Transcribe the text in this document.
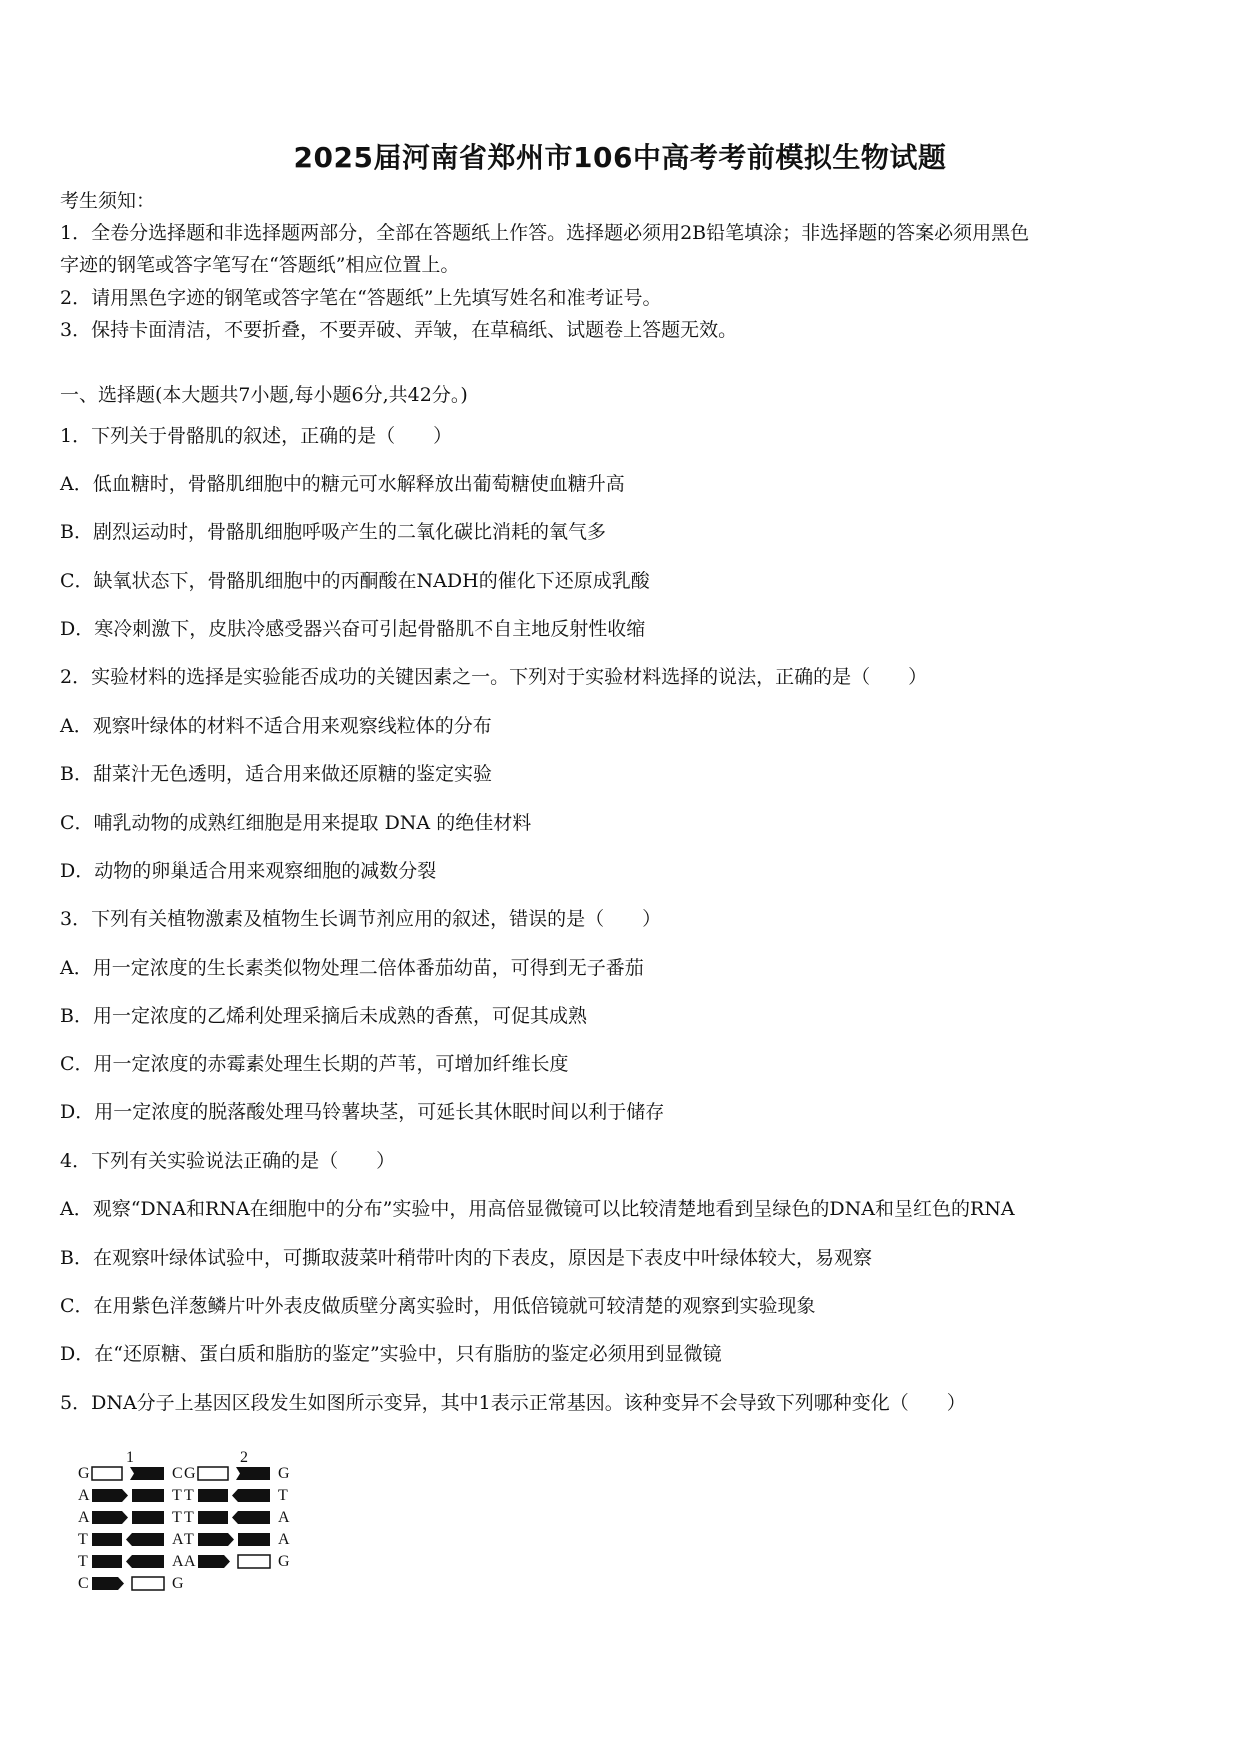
2025届河南省郑州市106中高考考前模拟生物试题
考生须知：
1．全卷分选择题和非选择题两部分，全部在答题纸上作答。选择题必须用2B铅笔填涂；非选择题的答案必须用黑色
字迹的钢笔或答字笔写在“答题纸”相应位置上。
2．请用黑色字迹的钢笔或答字笔在“答题纸”上先填写姓名和准考证号。
3．保持卡面清洁，不要折叠，不要弄破、弄皱，在草稿纸、试题卷上答题无效。
一、选择题(本大题共7小题,每小题6分,共42分。)
1．下列关于骨骼肌的叙述，正确的是（　　）
A．低血糖时，骨骼肌细胞中的糖元可水解释放出葡萄糖使血糖升高
B．剧烈运动时，骨骼肌细胞呼吸产生的二氧化碳比消耗的氧气多
C．缺氧状态下，骨骼肌细胞中的丙酮酸在NADH的催化下还原成乳酸
D．寒冷刺激下，皮肤冷感受器兴奋可引起骨骼肌不自主地反射性收缩
2．实验材料的选择是实验能否成功的关键因素之一。下列对于实验材料选择的说法，正确的是（　　）
A．观察叶绿体的材料不适合用来观察线粒体的分布
B．甜菜汁无色透明，适合用来做还原糖的鉴定实验
C．哺乳动物的成熟红细胞是用来提取 DNA 的绝佳材料
D．动物的卵巢适合用来观察细胞的减数分裂
3．下列有关植物激素及植物生长调节剂应用的叙述，错误的是（　　）
A．用一定浓度的生长素类似物处理二倍体番茄幼苗，可得到无子番茄
B．用一定浓度的乙烯利处理采摘后未成熟的香蕉，可促其成熟
C．用一定浓度的赤霉素处理生长期的芦苇，可增加纤维长度
D．用一定浓度的脱落酸处理马铃薯块茎，可延长其休眠时间以利于储存
4．下列有关实验说法正确的是（　　）
A．观察“DNA和RNA在细胞中的分布”实验中，用高倍显微镜可以比较清楚地看到呈绿色的DNA和呈红色的RNA
B．在观察叶绿体试验中，可撕取菠菜叶稍带叶肉的下表皮，原因是下表皮中叶绿体较大，易观察
C．在用紫色洋葱鳞片叶外表皮做质壁分离实验时，用低倍镜就可较清楚的观察到实验现象
D．在“还原糖、蛋白质和脂肪的鉴定”实验中，只有脂肪的鉴定必须用到显微镜
5．DNA分子上基因区段发生如图所示变异，其中1表示正常基因。该种变异不会导致下列哪种变化（　　）
1	2
G
A
A
T
T
C
C
T
T
A
A
G
G
T
T
T
A
G
T
A
A
G
